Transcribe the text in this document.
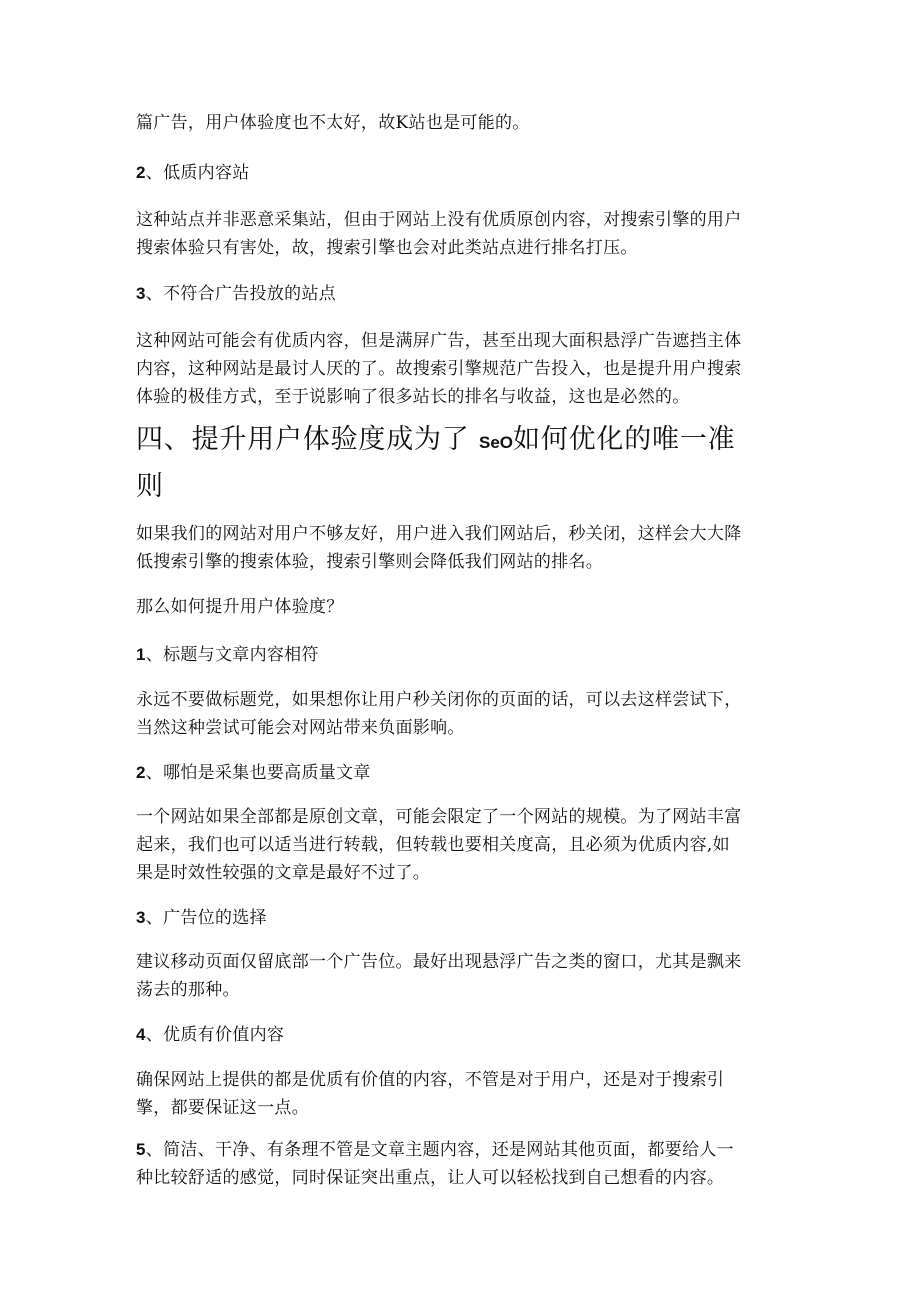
篇广告，用户体验度也不太好，故K站也是可能的。

2、低质内容站

这种站点并非恶意采集站，但由于网站上没有优质原创内容，对搜索引擎的用户
搜索体验只有害处，故，搜索引擎也会对此类站点进行排名打压。

3、不符合广告投放的站点

这种网站可能会有优质内容，但是满屏广告，甚至出现大面积悬浮广告遮挡主体
内容，这种网站是最讨人厌的了。故搜索引擎规范广告投入，也是提升用户搜索
体验的极佳方式，至于说影响了很多站长的排名与收益，这也是必然的。

四、提升用户体验度成为了 SeO如何优化的唯一准
则

如果我们的网站对用户不够友好，用户进入我们网站后，秒关闭，这样会大大降
低搜索引擎的搜索体验，搜索引擎则会降低我们网站的排名。

那么如何提升用户体验度？

1、标题与文章内容相符

永远不要做标题党，如果想你让用户秒关闭你的页面的话，可以去这样尝试下，
当然这种尝试可能会对网站带来负面影响。

2、哪怕是采集也要高质量文章

一个网站如果全部都是原创文章，可能会限定了一个网站的规模。为了网站丰富
起来，我们也可以适当进行转载，但转载也要相关度高，且必须为优质内容,如
果是时效性较强的文章是最好不过了。

3、广告位的选择

建议移动页面仅留底部一个广告位。最好出现悬浮广告之类的窗口，尤其是飘来
荡去的那种。

4、优质有价值内容

确保网站上提供的都是优质有价值的内容，不管是对于用户，还是对于搜索引
擎，都要保证这一点。

5、简洁、干净、有条理不管是文章主题内容，还是网站其他页面，都要给人一
种比较舒适的感觉，同时保证突出重点，让人可以轻松找到自己想看的内容。
